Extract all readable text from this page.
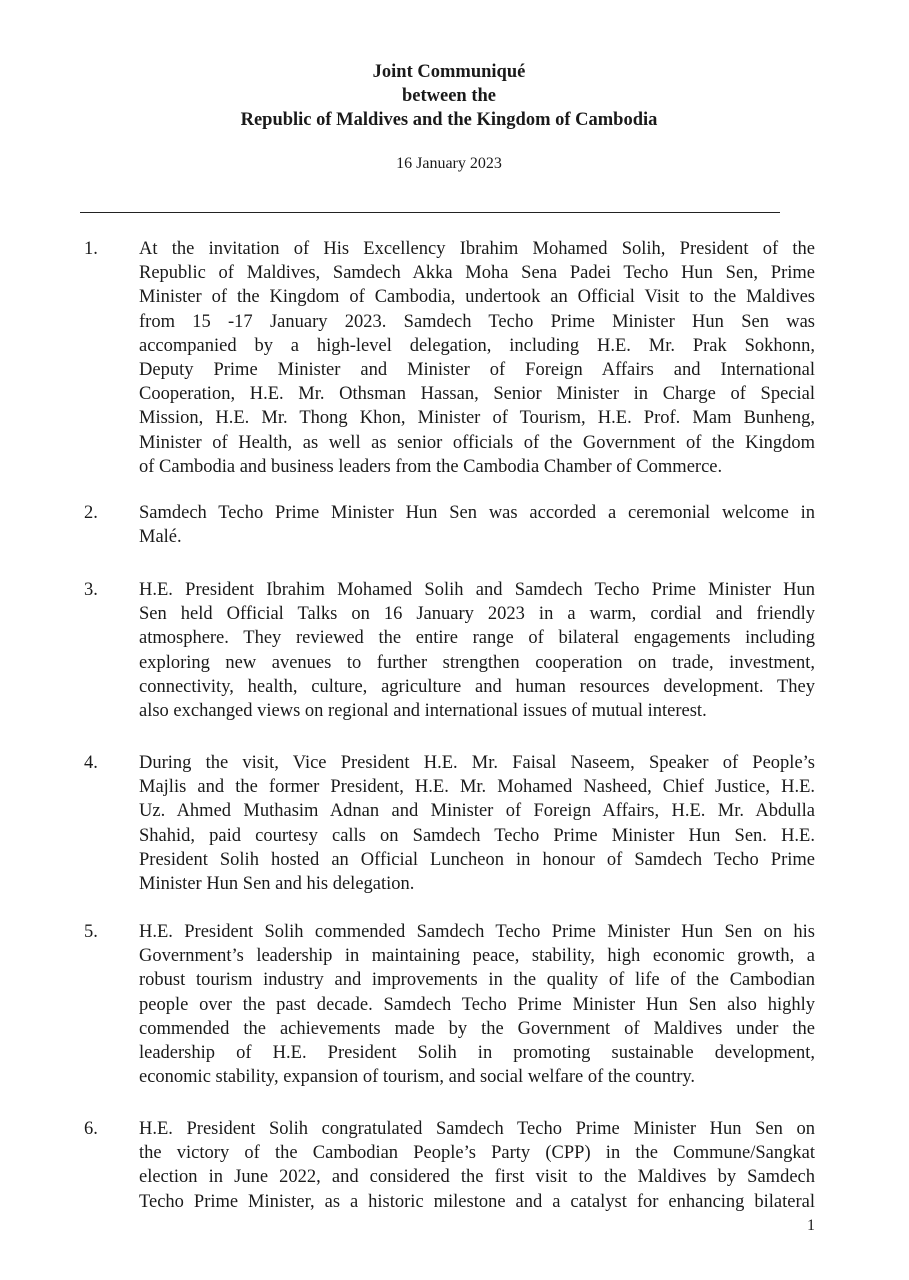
Joint Communiqué
between the
Republic of Maldives and the Kingdom of Cambodia
16 January 2023
1. At the invitation of His Excellency Ibrahim Mohamed Solih, President of the
Republic of Maldives, Samdech Akka Moha Sena Padei Techo Hun Sen, Prime
Minister of the Kingdom of Cambodia, undertook an Official Visit to the Maldives
from 15 -17 January 2023. Samdech Techo Prime Minister Hun Sen was
accompanied by a high-level delegation, including H.E. Mr. Prak Sokhonn,
Deputy Prime Minister and Minister of Foreign Affairs and International
Cooperation, H.E. Mr. Othsman Hassan, Senior Minister in Charge of Special
Mission, H.E. Mr. Thong Khon, Minister of Tourism, H.E. Prof. Mam Bunheng,
Minister of Health, as well as senior officials of the Government of the Kingdom
of Cambodia and business leaders from the Cambodia Chamber of Commerce.
2. Samdech Techo Prime Minister Hun Sen was accorded a ceremonial welcome in
Malé.
3. H.E. President Ibrahim Mohamed Solih and Samdech Techo Prime Minister Hun
Sen held Official Talks on 16 January 2023 in a warm, cordial and friendly
atmosphere. They reviewed the entire range of bilateral engagements including
exploring new avenues to further strengthen cooperation on trade, investment,
connectivity, health, culture, agriculture and human resources development. They
also exchanged views on regional and international issues of mutual interest.
4. During the visit, Vice President H.E. Mr. Faisal Naseem, Speaker of People’s
Majlis and the former President, H.E. Mr. Mohamed Nasheed, Chief Justice, H.E.
Uz. Ahmed Muthasim Adnan and Minister of Foreign Affairs, H.E. Mr. Abdulla
Shahid, paid courtesy calls on Samdech Techo Prime Minister Hun Sen. H.E.
President Solih hosted an Official Luncheon in honour of Samdech Techo Prime
Minister Hun Sen and his delegation.
5. H.E. President Solih commended Samdech Techo Prime Minister Hun Sen on his
Government’s leadership in maintaining peace, stability, high economic growth, a
robust tourism industry and improvements in the quality of life of the Cambodian
people over the past decade. Samdech Techo Prime Minister Hun Sen also highly
commended the achievements made by the Government of Maldives under the
leadership of H.E. President Solih in promoting sustainable development,
economic stability, expansion of tourism, and social welfare of the country.
6. H.E. President Solih congratulated Samdech Techo Prime Minister Hun Sen on
the victory of the Cambodian People’s Party (CPP) in the Commune/Sangkat
election in June 2022, and considered the first visit to the Maldives by Samdech
Techo Prime Minister, as a historic milestone and a catalyst for enhancing bilateral
1
